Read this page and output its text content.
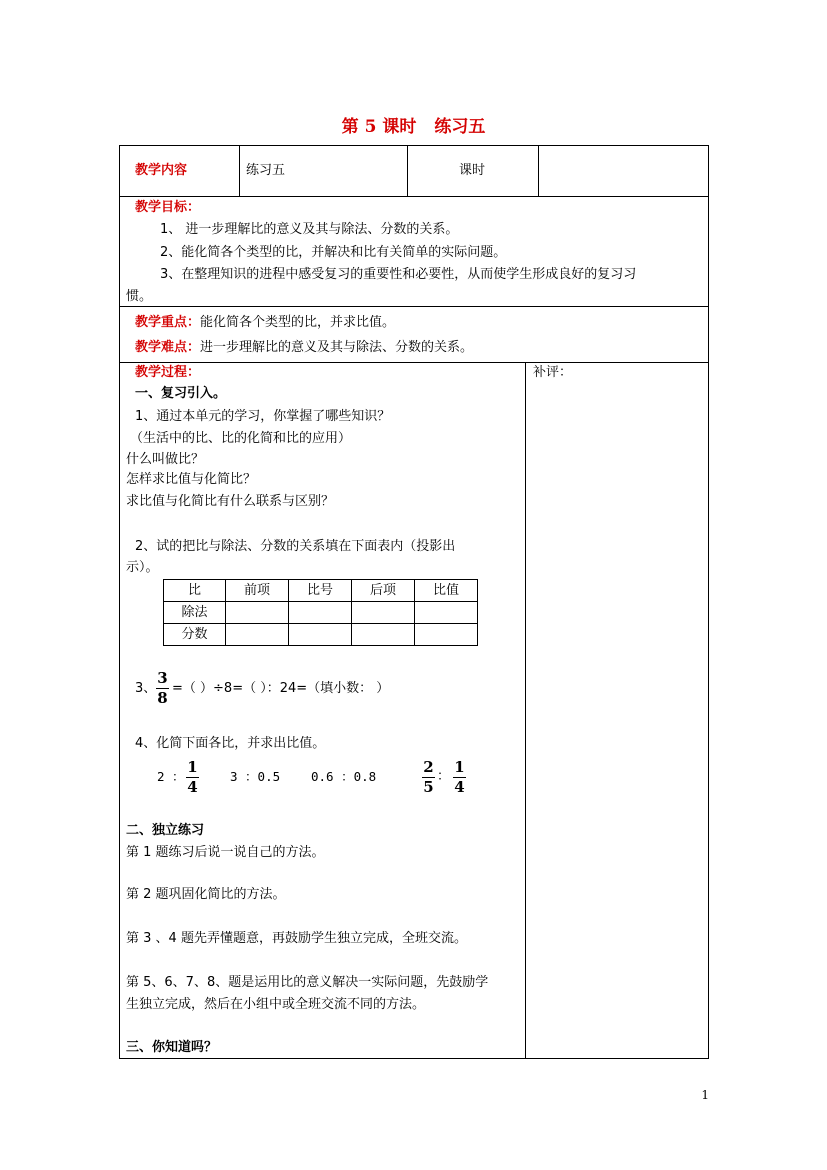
第 5 课时 练习五
教学内容	练习五	课时
教学目标：
1、 进一步理解比的意义及其与除法、分数的关系。
2、能化简各个类型的比，并解决和比有关简单的实际问题。
3、在整理知识的进程中感受复习的重要性和必要性，从而使学生形成良好的复习习
惯。
教学重点：能化简各个类型的比，并求比值。
教学难点：进一步理解比的意义及其与除法、分数的关系。
教学过程：	补评：
一、复习引入。
1、通过本单元的学习，你掌握了哪些知识？
（生活中的比、比的化简和比的应用）
什么叫做比？
怎样求比值与化简比？
求比值与化简比有什么联系与区别？
2、试的把比与除法、分数的关系填在下面表内（投影出
示）。
比	前项	比号	后项	比值
除法				
分数				
3、
3
8
=（ ）÷8=（ ）：24=（填小数： ）
4、化简下面各比，并求出比值。
2 ：
1
4
3 ：0.5 0.6 ：0.8
2
5
：
1
4
二、独立练习
第 1 题练习后说一说自己的方法。
第 2 题巩固化简比的方法。
第 3 、4 题先弄懂题意，再鼓励学生独立完成，全班交流。
第 5、6、7、8、题是运用比的意义解决一实际问题，先鼓励学
生独立完成，然后在小组中或全班交流不同的方法。
三、你知道吗？
1
